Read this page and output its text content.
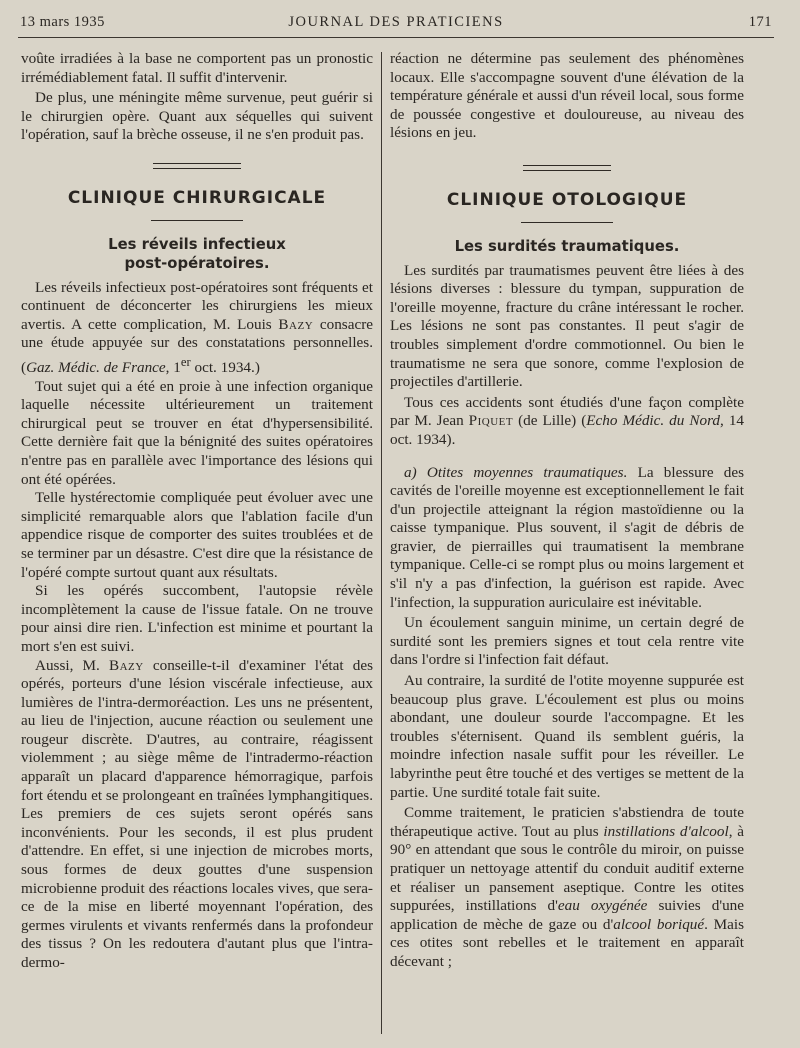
13 mars 1935	JOURNAL DES PRATICIENS	171

voûte irradiées à la base ne comportent pas un pronostic irrémédiablement fatal. Il suffit d'intervenir.

De plus, une méningite même survenue, peut guérir si le chirurgien opère. Quant aux séquelles qui suivent l'opération, sauf la brèche osseuse, il ne s'en produit pas.

CLINIQUE CHIRURGICALE
Les réveils infectieux
post-opératoires.

Les réveils infectieux post-opératoires sont fréquents et continuent de déconcerter les chirurgiens les mieux avertis. A cette complication, M. Louis Bazy consacre une étude appuyée sur des constatations personnelles. (Gaz. Médic. de France, 1er oct. 1934.)

Tout sujet qui a été en proie à une infection organique laquelle nécessite ultérieurement un traitement chirurgical peut se trouver en état d'hypersensibilité. Cette dernière fait que la bénignité des suites opératoires n'entre pas en parallèle avec l'importance des lésions qui ont été opérées.

Telle hystérectomie compliquée peut évoluer avec une simplicité remarquable alors que l'ablation facile d'un appendice risque de comporter des suites troublées et de se terminer par un désastre. C'est dire que la résistance de l'opéré compte surtout quant aux résultats.

Si les opérés succombent, l'autopsie révèle incomplètement la cause de l'issue fatale. On ne trouve pour ainsi dire rien. L'infection est minime et pourtant la mort s'en est suivi.

Aussi, M. Bazy conseille-t-il d'examiner l'état des opérés, porteurs d'une lésion viscérale infectieuse, aux lumières de l'intra-dermoréaction. Les uns ne présentent, au lieu de l'injection, aucune réaction ou seulement une rougeur discrète. D'autres, au contraire, réagissent violemment ; au siège même de l'intradermo-réaction apparaît un placard d'apparence hémorragique, parfois fort étendu et se prolongeant en traînées lymphangitiques. Les premiers de ces sujets seront opérés sans inconvénients. Pour les seconds, il est plus prudent d'attendre. En effet, si une injection de microbes morts, sous formes de deux gouttes d'une suspension microbienne produit des réactions locales vives, que sera-ce de la mise en liberté moyennant l'opération, des germes virulents et vivants renfermés dans la profondeur des tissus ? On les redoutera d'autant plus que l'intra-dermo-

réaction ne détermine pas seulement des phénomènes locaux. Elle s'accompagne souvent d'une élévation de la température générale et aussi d'un réveil local, sous forme de poussée congestive et douloureuse, au niveau des lésions en jeu.

CLINIQUE OTOLOGIQUE
Les surdités traumatiques.

Les surdités par traumatismes peuvent être liées à des lésions diverses : blessure du tympan, suppuration de l'oreille moyenne, fracture du crâne intéressant le rocher. Les lésions ne sont pas constantes. Il peut s'agir de troubles simplement d'ordre commotionnel. Ou bien le traumatisme ne sera que sonore, comme l'explosion de projectiles d'artillerie.

Tous ces accidents sont étudiés d'une façon complète par M. Jean Piquet (de Lille) (Echo Médic. du Nord, 14 oct. 1934).

a) Otites moyennes traumatiques. La blessure des cavités de l'oreille moyenne est exceptionnellement le fait d'un projectile atteignant la région mastoïdienne ou la caisse tympanique. Plus souvent, il s'agit de débris de gravier, de pierrailles qui traumatisent la membrane tympanique. Celle-ci se rompt plus ou moins largement et s'il n'y a pas d'infection, la guérison est rapide. Avec l'infection, la suppuration auriculaire est inévitable.

Un écoulement sanguin minime, un certain degré de surdité sont les premiers signes et tout cela rentre vite dans l'ordre si l'infection fait défaut.

Au contraire, la surdité de l'otite moyenne suppurée est beaucoup plus grave. L'écoulement est plus ou moins abondant, une douleur sourde l'accompagne. Et les troubles s'éternisent. Quand ils semblent guéris, la moindre infection nasale suffit pour les réveiller. Le labyrinthe peut être touché et des vertiges se mettent de la partie. Une surdité totale fait suite.

Comme traitement, le praticien s'abstiendra de toute thérapeutique active. Tout au plus instillations d'alcool, à 90° en attendant que sous le contrôle du miroir, on puisse pratiquer un nettoyage attentif du conduit auditif externe et réaliser un pansement aseptique. Contre les otites suppurées, instillations d'eau oxygénée suivies d'une application de mèche de gaze ou d'alcool boriqué. Mais ces otites sont rebelles et le traitement en apparaît décevant ;
